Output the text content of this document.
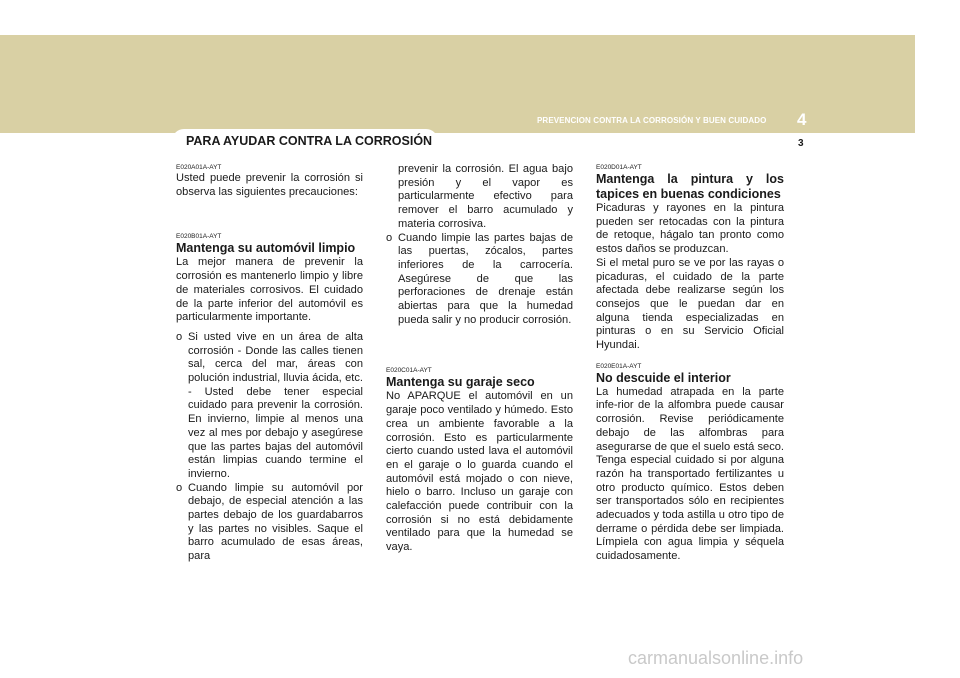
PREVENCION CONTRA LA CORROSIÓN Y BUEN CUIDADO 4
PARA AYUDAR CONTRA LA CORROSIÓN	3

E020A01A-AYT

Usted puede prevenir la corrosión si observa las siguientes precauciones:

E020B01A-AYT

Mantenga su automóvil limpio

La mejor manera de prevenir la corrosión es mantenerlo limpio y libre de materiales corrosivos. El cuidado de la parte inferior del automóvil es particularmente importante.

o Si usted vive en un área de alta corrosión - Donde las calles tienen sal, cerca del mar, áreas con polución industrial, lluvia ácida, etc. - Usted debe tener especial cuidado para prevenir la corrosión. En invierno, limpie al menos una vez al mes por debajo y asegúrese que las partes bajas del automóvil están limpias cuando termine el invierno.
o Cuando limpie su automóvil por debajo, de especial atención a las partes debajo de los guardabarros y las partes no visibles. Saque el barro acumulado de esas áreas, para
prevenir la corrosión. El agua bajo presión y el vapor es particularmente efectivo para remover el barro acumulado y materia corrosiva.
o Cuando limpie las partes bajas de las puertas, zócalos, partes inferiores de la carrocería. Asegúrese de que las perforaciones de drenaje están abiertas para que la humedad pueda salir y no producir corrosión.

E020C01A-AYT

Mantenga su garaje seco

No APARQUE el automóvil en un garaje poco ventilado y húmedo. Esto crea un ambiente favorable a la corrosión. Esto es particularmente cierto cuando usted lava el automóvil en el garaje o lo guarda cuando el automóvil está mojado o con nieve, hielo o barro. Incluso un garaje con calefacción puede contribuir con la corrosión si no está debidamente ventilado para que la humedad se vaya.

E020D01A-AYT

Mantenga la pintura y los tapices en buenas condiciones

Picaduras y rayones en la pintura pueden ser retocadas con la pintura de retoque, hágalo tan pronto como estos daños se produzcan.

Si el metal puro se ve por las rayas o picaduras, el cuidado de la parte afectada debe realizarse según los consejos que le puedan dar en alguna tienda especializadas en pinturas o en su Servicio Oficial Hyundai.

E020E01A-AYT

No descuide el interior

La humedad atrapada en la parte infe-rior de la alfombra puede causar corrosión. Revise periódicamente debajo de las alfombras para asegurarse de que el suelo está seco. Tenga especial cuidado si por alguna razón ha transportado fertilizantes u otro producto químico. Estos deben ser transportados sólo en recipientes adecuados y toda astilla u otro tipo de derrame o pérdida debe ser limpiada. Límpiela con agua limpia y séquela cuidadosamente.

carmanualsonline.info
